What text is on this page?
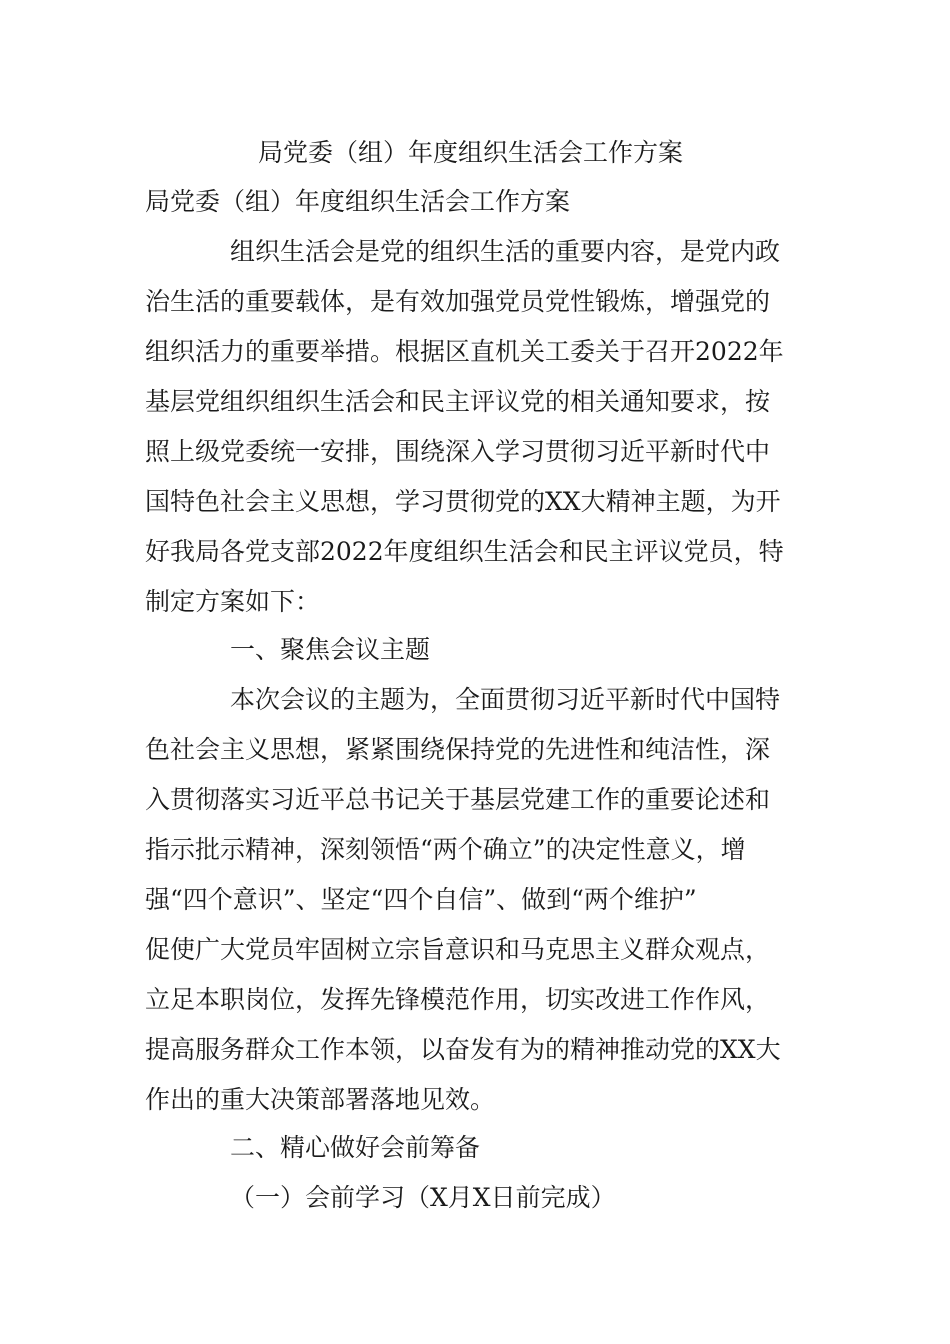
局党委（组）年度组织生活会工作方案
局党委（组）年度组织生活会工作方案
组织生活会是党的组织生活的重要内容，是党内政
治生活的重要载体，是有效加强党员党性锻炼，增强党的
组织活力的重要举措。根据区直机关工委关于召开2022年
基层党组织组织生活会和民主评议党的相关通知要求，按
照上级党委统一安排，围绕深入学习贯彻习近平新时代中
国特色社会主义思想，学习贯彻党的XX大精神主题，为开
好我局各党支部2022年度组织生活会和民主评议党员，特
制定方案如下：
一、聚焦会议主题
本次会议的主题为，全面贯彻习近平新时代中国特
色社会主义思想，紧紧围绕保持党的先进性和纯洁性，深
入贯彻落实习近平总书记关于基层党建工作的重要论述和
指示批示精神，深刻领悟“两个确立”的决定性意义，增
强“四个意识”、坚定“四个自信”、做到“两个维护”
促使广大党员牢固树立宗旨意识和马克思主义群众观点，
立足本职岗位，发挥先锋模范作用，切实改进工作作风，
提高服务群众工作本领，以奋发有为的精神推动党的XX大
作出的重大决策部署落地见效。
二、精心做好会前筹备
（一）会前学习（X月X日前完成）
